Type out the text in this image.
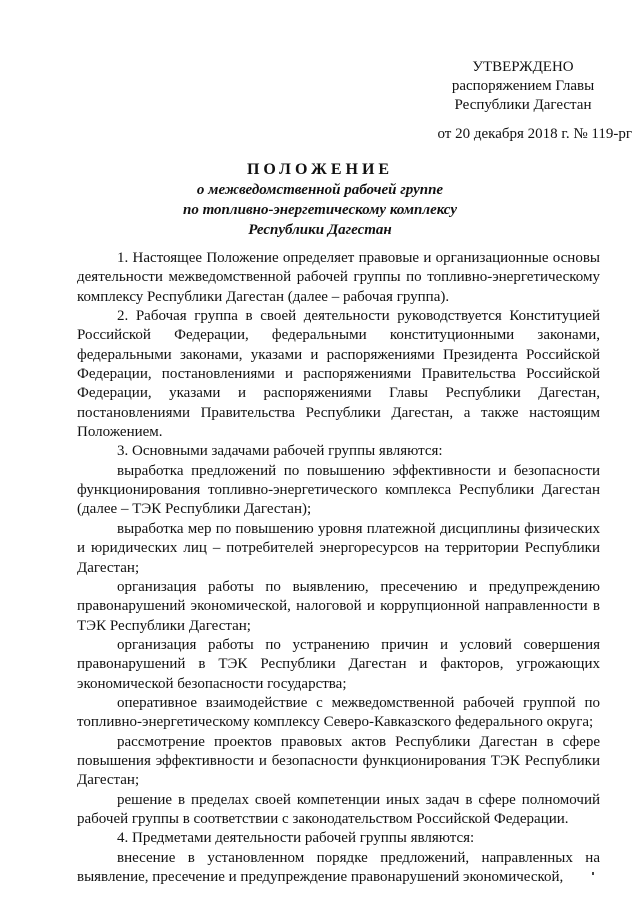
УТВЕРЖДЕНО
распоряжением Главы
Республики Дагестан
от 20 декабря 2018 г. № 119-рг
ПОЛОЖЕНИЕ
о межведомственной рабочей группе
по топливно-энергетическому комплексу
Республики Дагестан

1. Настоящее Положение определяет правовые и организационные основы деятельности межведомственной рабочей группы по топливно-энергетическому комплексу Республики Дагестан (далее – рабочая группа).

2. Рабочая группа в своей деятельности руководствуется Конституцией Российской Федерации, федеральными конституционными законами, федеральными законами, указами и распоряжениями Президента Российской Федерации, постановлениями и распоряжениями Правительства Российской Федерации, указами и распоряжениями Главы Республики Дагестан, постановлениями Правительства Республики Дагестан, а также настоящим Положением.

3. Основными задачами рабочей группы являются:

выработка предложений по повышению эффективности и безопасности функционирования топливно-энергетического комплекса Республики Дагестан (далее – ТЭК Республики Дагестан);

выработка мер по повышению уровня платежной дисциплины физических и юридических лиц – потребителей энергоресурсов на территории Республики Дагестан;

организация работы по выявлению, пресечению и предупреждению правонарушений экономической, налоговой и коррупционной направленности в ТЭК Республики Дагестан;

организация работы по устранению причин и условий совершения правонарушений в ТЭК Республики Дагестан и факторов, угрожающих экономической безопасности государства;

оперативное взаимодействие с межведомственной рабочей группой по топливно-энергетическому комплексу Северо-Кавказского федерального округа;

рассмотрение проектов правовых актов Республики Дагестан в сфере повышения эффективности и безопасности функционирования ТЭК Республики Дагестан;

решение в пределах своей компетенции иных задач в сфере полномочий рабочей группы в соответствии с законодательством Российской Федерации.

4. Предметами деятельности рабочей группы являются:

внесение в установленном порядке предложений, направленных на выявление, пресечение и предупреждение правонарушений экономической,
